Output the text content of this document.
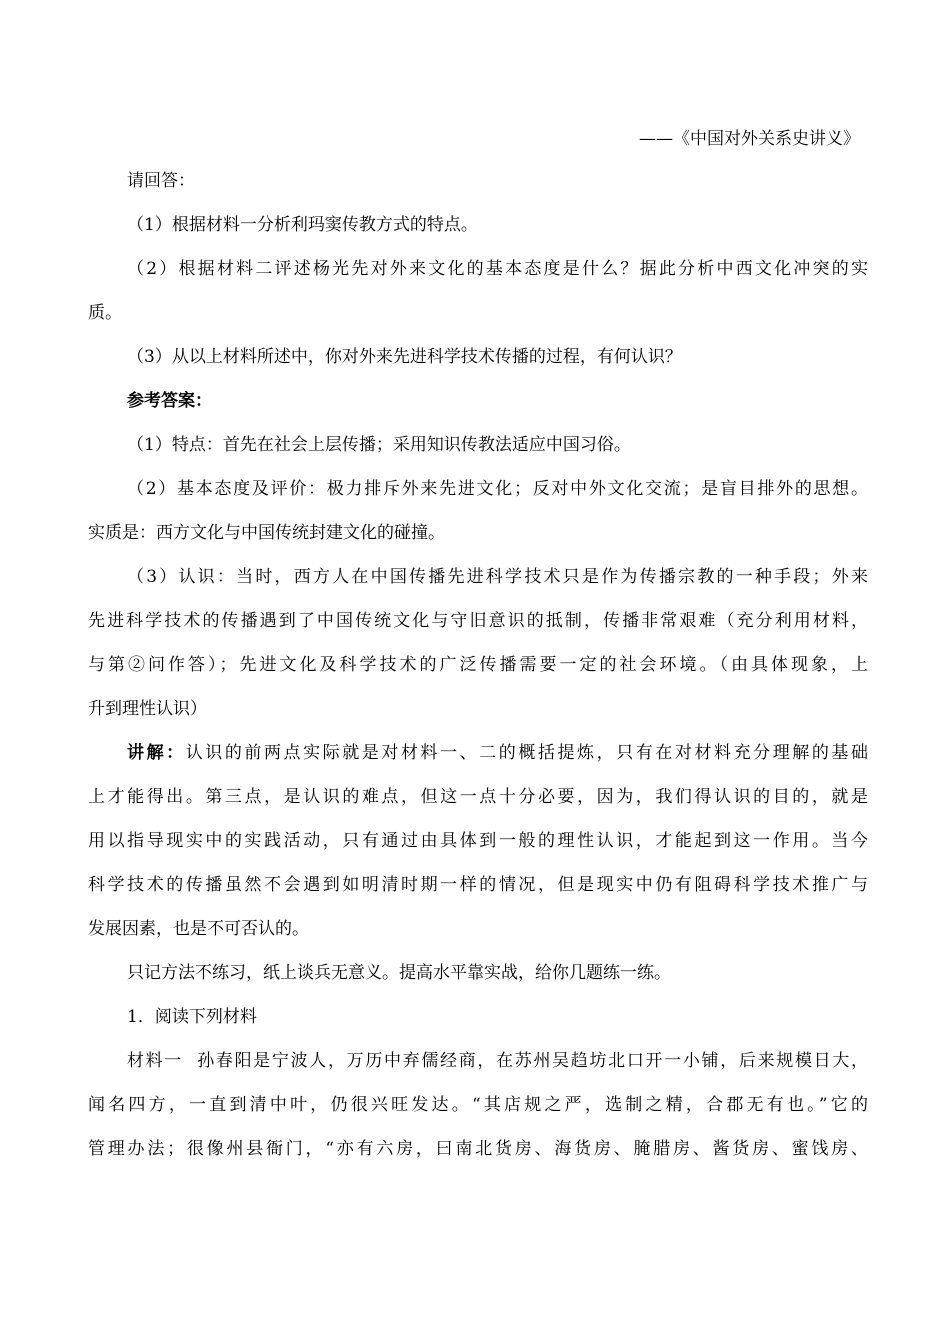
——《中国对外关系史讲义》
请回答：
（1）根据材料一分析利玛窦传教方式的特点。
（2）根据材料二评述杨光先对外来文化的基本态度是什么？据此分析中西文化冲突的实
质。
（3）从以上材料所述中，你对外来先进科学技术传播的过程，有何认识？
参考答案：
（1）特点：首先在社会上层传播；采用知识传教法适应中国习俗。
（2）基本态度及评价：极力排斥外来先进文化；反对中外文化交流；是盲目排外的思想。
实质是：西方文化与中国传统封建文化的碰撞。
（3）认识：当时，西方人在中国传播先进科学技术只是作为传播宗教的一种手段；外来
先进科学技术的传播遇到了中国传统文化与守旧意识的抵制，传播非常艰难（充分利用材料，
与第②问作答）；先进文化及科学技术的广泛传播需要一定的社会环境。（由具体现象，上
升到理性认识）
讲解：认识的前两点实际就是对材料一、二的概括提炼，只有在对材料充分理解的基础
上才能得出。第三点，是认识的难点，但这一点十分必要，因为，我们得认识的目的，就是
用以指导现实中的实践活动，只有通过由具体到一般的理性认识，才能起到这一作用。当今
科学技术的传播虽然不会遇到如明清时期一样的情况，但是现实中仍有阻碍科学技术推广与
发展因素，也是不可否认的。
只记方法不练习，纸上谈兵无意义。提高水平靠实战，给你几题练一练。
1．阅读下列材料
材料一  孙春阳是宁波人，万历中弃儒经商，在苏州吴趋坊北口开一小铺，后来规模日大，
闻名四方，一直到清中叶，仍很兴旺发达。“其店规之严，选制之精，合郡无有也。”它的
管理办法；很像州县衙门，“亦有六房，曰南北货房、海货房、腌腊房、酱货房、蜜饯房、
